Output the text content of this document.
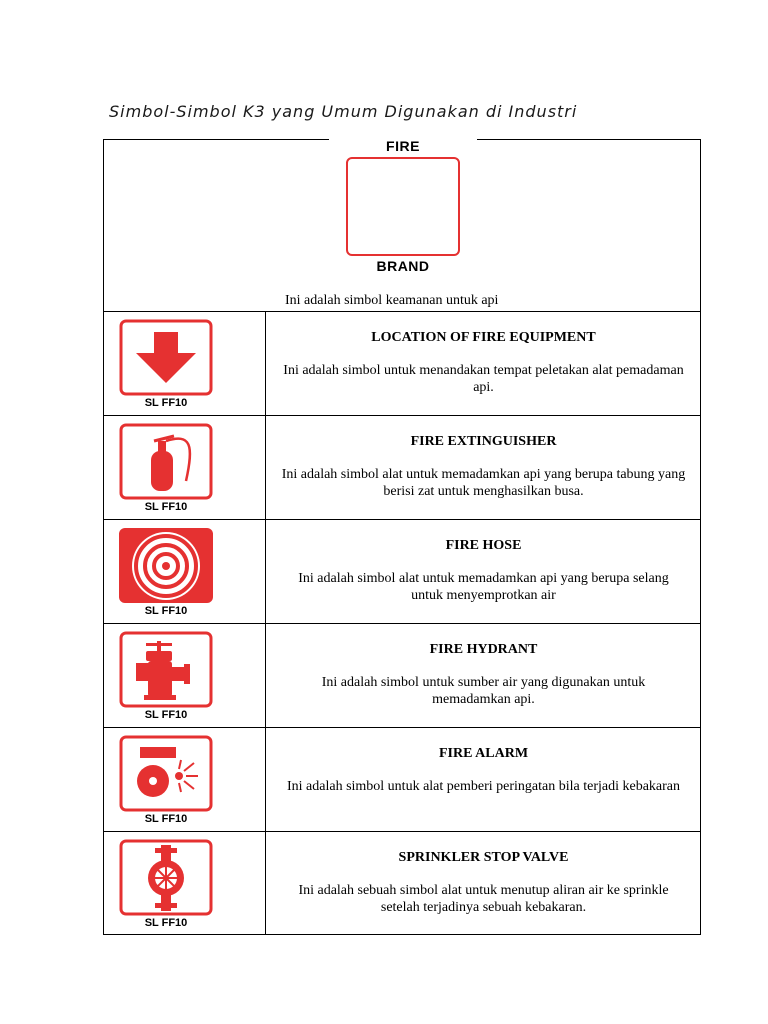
Simbol-Simbol K3 yang Umum Digunakan di Industri
FIRE
BRAND

Ini adalah simbol keamanan untuk api

SL FF10

LOCATION OF FIRE EQUIPMENT

Ini adalah simbol untuk menandakan tempat peletakan alat pemadaman api.

SL FF10

FIRE EXTINGUISHER

Ini adalah simbol alat untuk memadamkan api yang berupa tabung yang berisi zat untuk menghasilkan busa.

SL FF10

FIRE HOSE

Ini adalah simbol alat untuk memadamkan api yang berupa selang untuk menyemprotkan air

SL FF10

FIRE HYDRANT

Ini adalah simbol untuk sumber air yang digunakan untuk memadamkan api.

SL FF10

FIRE ALARM

Ini adalah simbol untuk alat pemberi peringatan bila terjadi kebakaran

SL FF10

SPRINKLER STOP VALVE

Ini adalah sebuah simbol alat untuk menutup aliran air ke sprinkle setelah terjadinya sebuah kebakaran.
